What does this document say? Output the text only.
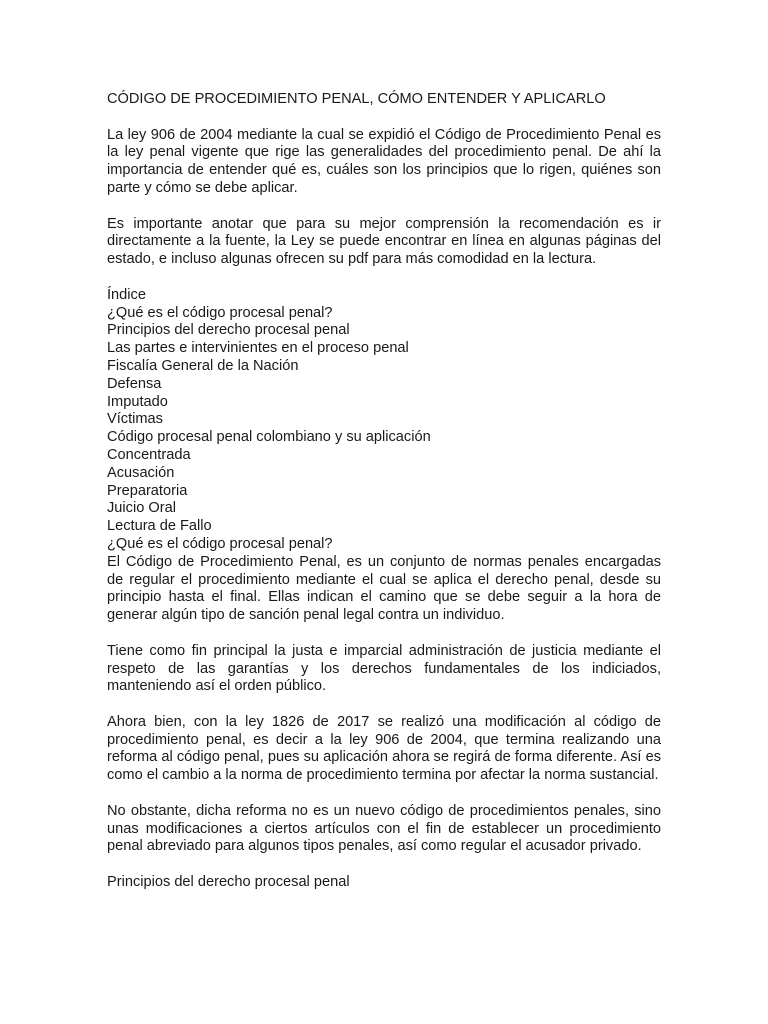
CÓDIGO DE PROCEDIMIENTO PENAL, CÓMO ENTENDER Y APLICARLO

La ley 906 de 2004 mediante la cual se expidió el Código de Procedimiento Penal es la ley penal vigente que rige las generalidades del procedimiento penal. De ahí la importancia de entender qué es, cuáles son los principios que lo rigen, quiénes son parte y cómo se debe aplicar.

Es importante anotar que para su mejor comprensión la recomendación es ir directamente a la fuente, la Ley se puede encontrar en línea en algunas páginas del estado, e incluso algunas ofrecen su pdf para más comodidad en la lectura.

Índice

¿Qué es el código procesal penal?

Principios del derecho procesal penal

Las partes e intervinientes en el proceso penal

Fiscalía General de la Nación

Defensa

Imputado

Víctimas

Código procesal penal colombiano y su aplicación

Concentrada

Acusación

Preparatoria

Juicio Oral

Lectura de Fallo

¿Qué es el código procesal penal?

El Código de Procedimiento Penal, es un conjunto de normas penales encargadas de regular el procedimiento mediante el cual se aplica el derecho penal, desde su principio hasta el final. Ellas indican el camino que se debe seguir a la hora de generar algún tipo de sanción penal legal contra un individuo.

Tiene como fin principal la justa e imparcial administración de justicia mediante el respeto de las garantías y los derechos fundamentales de los indiciados, manteniendo así el orden público.

Ahora bien, con la ley 1826 de 2017 se realizó una modificación al código de procedimiento penal, es decir a la ley 906 de 2004, que termina realizando una reforma al código penal, pues su aplicación ahora se regirá de forma diferente. Así es como el cambio a la norma de procedimiento termina por afectar la norma sustancial.

No obstante, dicha reforma no es un nuevo código de procedimientos penales, sino unas modificaciones a ciertos artículos con el fin de establecer un procedimiento penal abreviado para algunos tipos penales, así como regular el acusador privado.

Principios del derecho procesal penal
